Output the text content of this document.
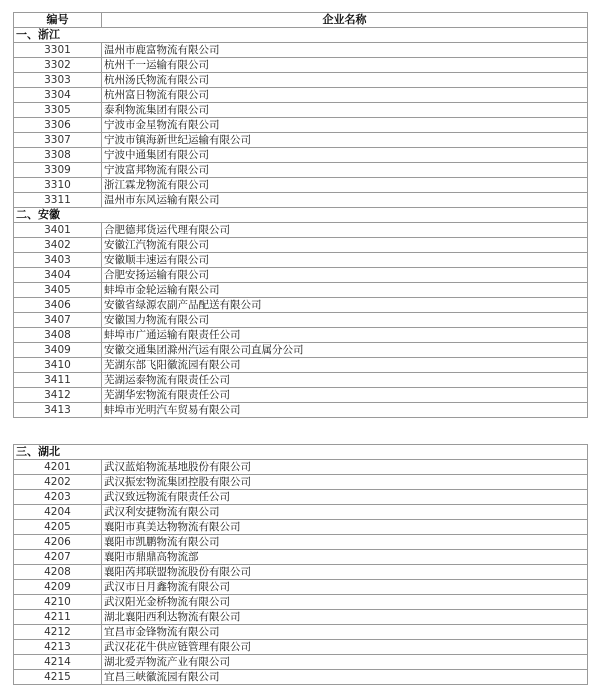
编号	企业名称
一、浙江	
3301	温州市鹿富物流有限公司
3302	杭州千一运输有限公司
3303	杭州汤氏物流有限公司
3304	杭州富日物流有限公司
3305	泰利物流集团有限公司
3306	宁波市金星物流有限公司
3307	宁波市镇海新世纪运输有限公司
3308	宁波中通集团有限公司
3309	宁波富邦物流有限公司
3310	浙江霖龙物流有限公司
3311	温州市东风运输有限公司
二、安徽	
3401	合肥德邦货运代理有限公司
3402	安徽江汽物流有限公司
3403	安徽顺丰速运有限公司
3404	合肥安扬运输有限公司
3405	蚌埠市金轮运输有限公司
3406	安徽省绿源农副产品配送有限公司
3407	安徽国力物流有限公司
3408	蚌埠市广通运输有限责任公司
3409	安徽交通集团滁州汽运有限公司直属分公司
3410	芜湖东部飞阳徽流园有限公司
3411	芜湖运泰物流有限责任公司
3412	芜湖华宏物流有限责任公司
3413	蚌埠市光明汽车贸易有限公司

三、湖北	
4201	武汉蓝焰物流基地股份有限公司
4202	武汉振宏物流集团控股有限公司
4203	武汉致远物流有限责任公司
4204	武汉利安捷物流有限公司
4205	襄阳市真美达物物流有限公司
4206	襄阳市凯鹏物流有限公司
4207	襄阳市鼎鼎高物流部
4208	襄阳芮邦联盟物流股份有限公司
4209	武汉市日月鑫物流有限公司
4210	武汉阳光金桥物流有限公司
4211	湖北襄阳西利达物流有限公司
4212	宜昌市金锋物流有限公司
4213	武汉花花牛供应链管理有限公司
4214	湖北爱弄物流产业有限公司
4215	宜昌三峡徽流园有限公司
